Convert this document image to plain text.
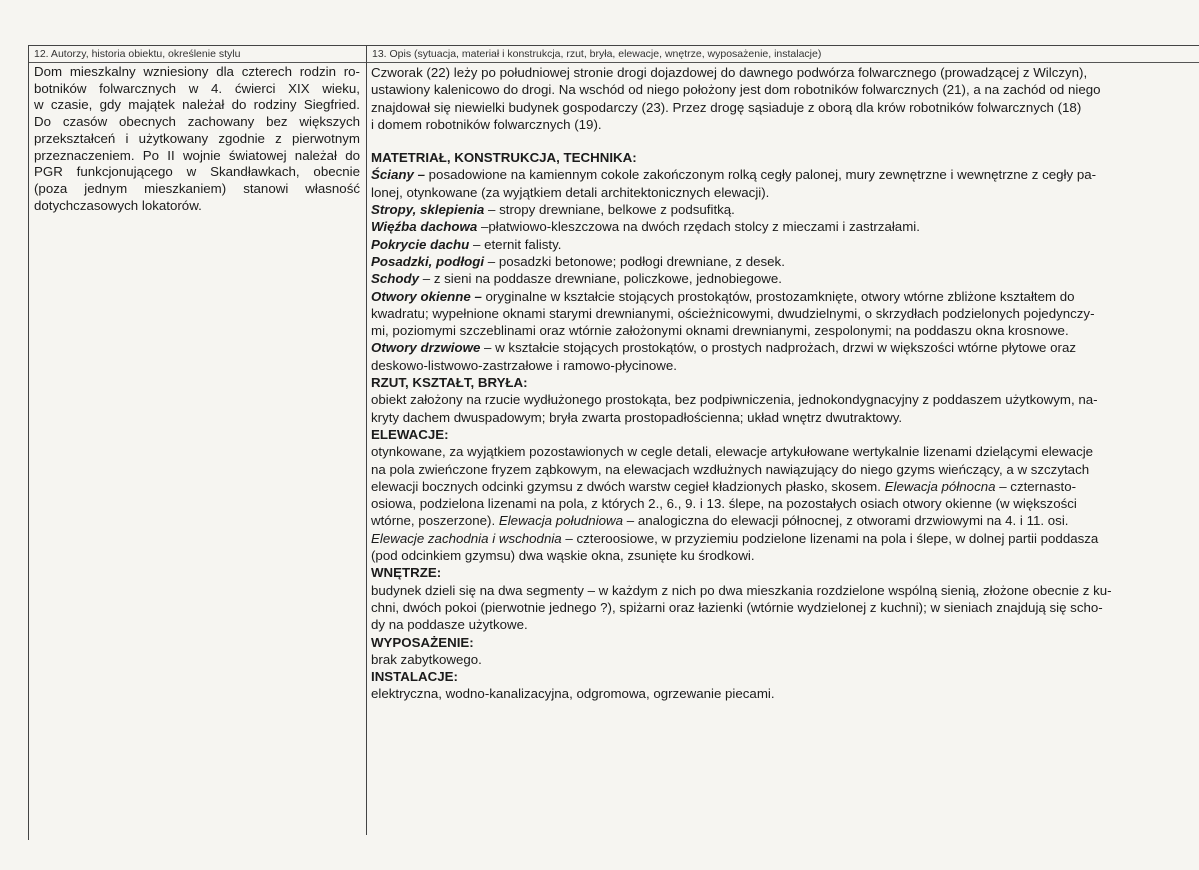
12. Autorzy, historia obiektu, określenie stylu	13. Opis (sytuacja, materiał i konstrukcja, rzut, bryła, elewacje, wnętrze, wyposażenie, instalacje)
Dom mieszkalny wzniesiony dla czterech rodzin ro-
botników folwarcznych w 4. ćwierci XIX wieku,
w czasie, gdy majątek należał do rodziny Siegfried.
Do czasów obecnych zachowany bez większych
przekształceń i użytkowany zgodnie z pierwotnym
przeznaczeniem. Po II wojnie światowej należał do
PGR funkcjonującego w Skandławkach, obecnie
(poza jednym mieszkaniem) stanowi własność
dotychczasowych lokatorów.

Czworak (22) leży po południowej stronie drogi dojazdowej do dawnego podwórza folwarcznego (prowadzącej z Wilczyn),

ustawiony kalenicowo do drogi. Na wschód od niego położony jest dom robotników folwarcznych (21), a na zachód od niego

znajdował się niewielki budynek gospodarczy (23). Przez drogę sąsiaduje z oborą dla krów robotników folwarcznych (18)

i domem robotników folwarcznych (19).

MATETRIAŁ, KONSTRUKCJA, TECHNIKA:

Ściany – posadowione na kamiennym cokole zakończonym rolką cegły palonej, mury zewnętrzne i wewnętrzne z cegły pa-

lonej, otynkowane (za wyjątkiem detali architektonicznych elewacji).

Stropy, sklepienia – stropy drewniane, belkowe z podsufitką.

Więźba dachowa –płatwiowo-kleszczowa na dwóch rzędach stolcy z mieczami i zastrzałami.

Pokrycie dachu – eternit falisty.

Posadzki, podłogi – posadzki betonowe; podłogi drewniane, z desek.

Schody – z sieni na poddasze drewniane, policzkowe, jednobiegowe.

Otwory okienne – oryginalne w kształcie stojących prostokątów, prostozamknięte, otwory wtórne zbliżone kształtem do

kwadratu; wypełnione oknami starymi drewnianymi, ościeżnicowymi, dwudzielnymi, o skrzydłach podzielonych pojedynczy-

mi, poziomymi szczeblinami oraz wtórnie założonymi oknami drewnianymi, zespolonymi; na poddaszu okna krosnowe.

Otwory drzwiowe – w kształcie stojących prostokątów, o prostych nadprożach, drzwi w większości wtórne płytowe oraz

deskowo-listwowo-zastrzałowe i ramowo-płycinowe.

RZUT, KSZTAŁT, BRYŁA:

obiekt założony na rzucie wydłużonego prostokąta, bez podpiwniczenia, jednokondygnacyjny z poddaszem użytkowym, na-

kryty dachem dwuspadowym; bryła zwarta prostopadłościenna; układ wnętrz dwutraktowy.

ELEWACJE:

otynkowane, za wyjątkiem pozostawionych w cegle detali, elewacje artykułowane wertykalnie lizenami dzielącymi elewacje

na pola zwieńczone fryzem ząbkowym, na elewacjach wzdłużnych nawiązujący do niego gzyms wieńczący, a w szczytach

elewacji bocznych odcinki gzymsu z dwóch warstw cegieł kładzionych płasko, skosem. Elewacja północna – czternasto-

osiowa, podzielona lizenami na pola, z których 2., 6., 9. i 13. ślepe, na pozostałych osiach otwory okienne (w większości

wtórne, poszerzone). Elewacja południowa – analogiczna do elewacji północnej, z otworami drzwiowymi na 4. i 11. osi.

Elewacje zachodnia i wschodnia – czteroosiowe, w przyziemiu podzielone lizenami na pola i ślepe, w dolnej partii poddasza

(pod odcinkiem gzymsu) dwa wąskie okna, zsunięte ku środkowi.

WNĘTRZE:

budynek dzieli się na dwa segmenty – w każdym z nich po dwa mieszkania rozdzielone wspólną sienią, złożone obecnie z ku-

chni, dwóch pokoi (pierwotnie jednego ?), spiżarni oraz łazienki (wtórnie wydzielonej z kuchni); w sieniach znajdują się scho-

dy na poddasze użytkowe.

WYPOSAŻENIE:

brak zabytkowego.

INSTALACJE:

elektryczna, wodno-kanalizacyjna, odgromowa, ogrzewanie piecami.
